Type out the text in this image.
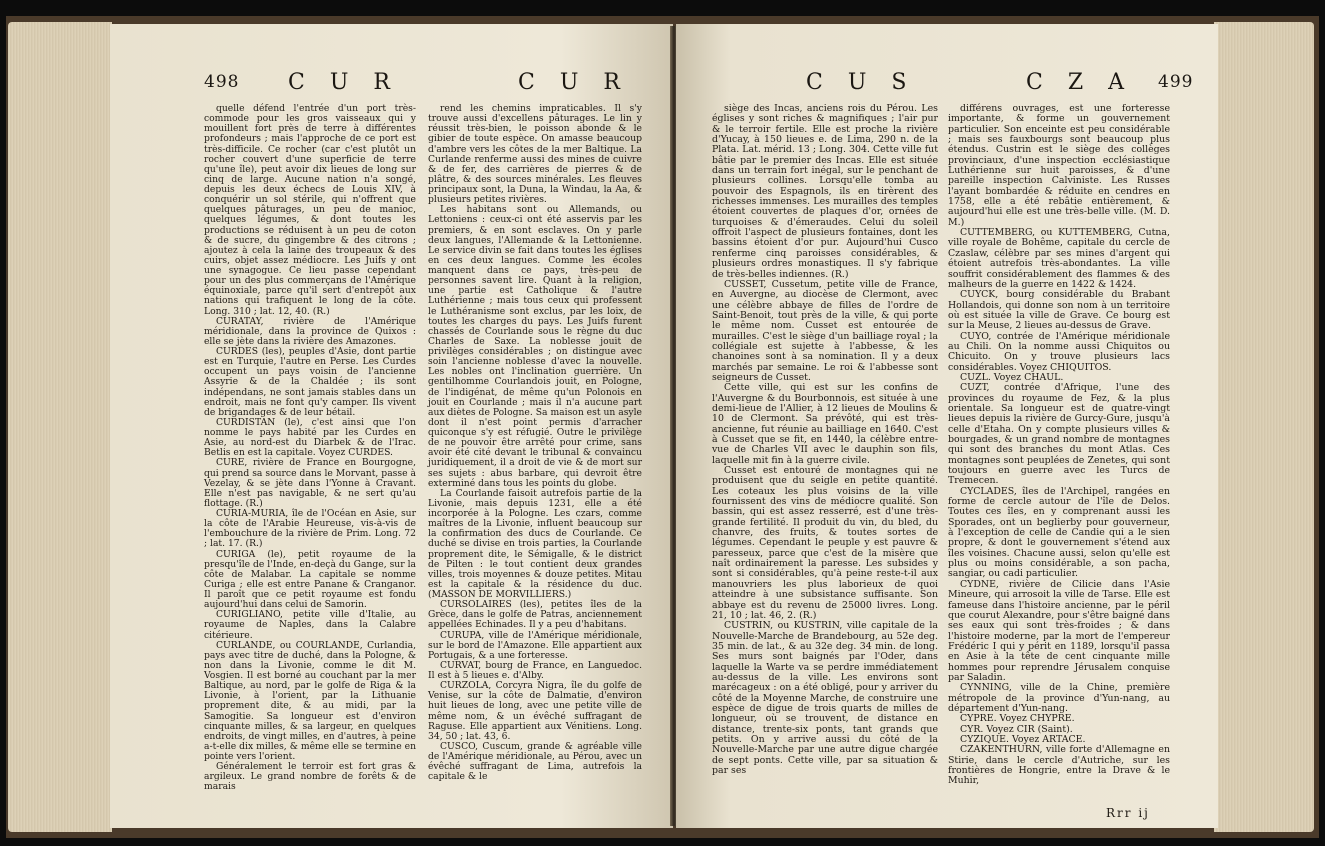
498 C U R	C U R

quelle défend l'entrée d'un port très-commode pour les gros vaisseaux qui y mouillent fort près de terre à différentes profondeurs ; mais l'approche de ce port est très-difficile. Ce rocher (car c'est plutôt un rocher couvert d'une superficie de terre qu'une île), peut avoir dix lieues de long sur cinq de large. Aucune nation n'a songé, depuis les deux échecs de Louis XIV, à conquérir un sol stérile, qui n'offrent que quelques pâturages, un peu de manioc, quelques légumes, & dont toutes les productions se réduisent à un peu de coton & de sucre, du gingembre & des citrons ; ajoutez à cela la laine des troupeaux & des cuirs, objet assez médiocre. Les Juifs y ont une synagogue. Ce lieu passe cependant pour un des plus commerçans de l'Amérique équinoxiale, parce qu'il sert d'entrepôt aux nations qui trafiquent le long de la côte. Long. 310 ; lat. 12, 40. (R.)

CURATAY, rivière de l'Amérique méridionale, dans la province de Quixos : elle se jète dans la rivière des Amazones.

CURDES (les), peuples d'Asie, dont partie est en Turquie, l'autre en Perse. Les Curdes occupent un pays voisin de l'ancienne Assyrie & de la Chaldée ; ils sont indépendans, ne sont jamais stables dans un endroit, mais ne font qu'y camper. Ils vivent de brigandages & de leur bétail.

CURDISTAN (le), c'est ainsi que l'on nomme le pays habité par les Curdes en Asie, au nord-est du Diarbek & de l'Irac. Betlis en est la capitale. Voyez CURDES.

CURE, rivière de France en Bourgogne, qui prend sa source dans le Morvant, passe à Vezelay, & se jète dans l'Yonne à Cravant. Elle n'est pas navigable, & ne sert qu'au flottage. (R.)

CURIA-MURIA, île de l'Océan en Asie, sur la côte de l'Arabie Heureuse, vis-à-vis de l'embouchure de la rivière de Prim. Long. 72 ; lat. 17. (R.)

CURIGA (le), petit royaume de la presqu'île de l'Inde, en-deçà du Gange, sur la côte de Malabar. La capitale se nomme Curiga ; elle est entre Panane & Cranganor. Il paroît que ce petit royaume est fondu aujourd'hui dans celui de Samorin.

CURIGLIANO, petite ville d'Italie, au royaume de Naples, dans la Calabre citérieure.

CURLANDE, ou COURLANDE, Curlandia, pays avec titre de duché, dans la Pologne, & non dans la Livonie, comme le dit M. Vosgien. Il est borné au couchant par la mer Baltique, au nord, par le golfe de Riga & la Livonie, à l'orient, par la Lithuanie proprement dite, & au midi, par la Samogitie. Sa longueur est d'environ cinquante milles, & sa largeur, en quelques endroits, de vingt milles, en d'autres, à peine a-t-elle dix milles, & même elle se termine en pointe vers l'orient.

Généralement le terroir est fort gras & argileux. Le grand nombre de forêts & de marais

rend les chemins impraticables. Il s'y trouve aussi d'excellens pâturages. Le lin y réussit très-bien, le poisson abonde & le gibier de toute espèce. On amasse beaucoup d'ambre vers les côtes de la mer Baltique. La Curlande renferme aussi des mines de cuivre & de fer, des carrières de pierres & de plâtre, & des sources minérales. Les fleuves principaux sont, la Duna, la Windau, la Aa, & plusieurs petites rivières.

Les habitans sont ou Allemands, ou Lettoniens : ceux-ci ont été asservis par les premiers, & en sont esclaves. On y parle deux langues, l'Allemande & la Lettonienne. Le service divin se fait dans toutes les églises en ces deux langues. Comme les écoles manquent dans ce pays, très-peu de personnes savent lire. Quant à la religion, une partie est Catholique & l'autre Luthérienne ; mais tous ceux qui professent le Luthéranisme sont exclus, par les loix, de toutes les charges du pays. Les Juifs furent chassés de Courlande sous le règne du duc Charles de Saxe. La noblesse jouit de privilèges considérables ; on distingue avec soin l'ancienne noblesse d'avec la nouvelle. Les nobles ont l'inclination guerrière. Un gentilhomme Courlandois jouit, en Pologne, de l'indigénat, de même qu'un Polonois en jouit en Courlande ; mais il n'a aucune part aux diètes de Pologne. Sa maison est un asyle dont il n'est point permis d'arracher quiconque s'y est réfugié. Outre le privilège de ne pouvoir être arrêté pour crime, sans avoir été cité devant le tribunal & convaincu juridiquement, il a droit de vie & de mort sur ses sujets : abus barbare, qui devroit être exterminé dans tous les points du globe.

La Courlande faisoit autrefois partie de la Livonie, mais depuis 1231, elle a été incorporée à la Pologne. Les czars, comme maîtres de la Livonie, influent beaucoup sur la confirmation des ducs de Courlande. Ce duché se divise en trois parties, la Courlande proprement dite, le Sémigalle, & le district de Pilten : le tout contient deux grandes villes, trois moyennes & douze petites. Mitau est la capitale & la résidence du duc. (MASSON DE MORVILLIERS.)

CURSOLAIRES (les), petites îles de la Grèce, dans le golfe de Patras, anciennement appellées Echinades. Il y a peu d'habitans.

CURUPA, ville de l'Amérique méridionale, sur le bord de l'Amazone. Elle appartient aux Portugais, & a une forteresse.

CURVAT, bourg de France, en Languedoc. Il est à 5 lieues e. d'Alby.

CURZOLA, Corcyra Nigra, île du golfe de Venise, sur la côte de Dalmatie, d'environ huit lieues de long, avec une petite ville de même nom, & un évêché suffragant de Raguse. Elle appartient aux Vénitiens. Long. 34, 50 ; lat. 43, 6.

CUSCO, Cuscum, grande & agréable ville de l'Amérique méridionale, au Pérou, avec un évêché suffragant de Lima, autrefois la capitale & le

C U S	C Z A 499

siège des Incas, anciens rois du Pérou. Les églises y sont riches & magnifiques ; l'air pur & le terroir fertile. Elle est proche la rivière d'Yucay, à 150 lieues e. de Lima, 290 n. de la Plata. Lat. mérid. 13 ; Long. 304. Cette ville fut bâtie par le premier des Incas. Elle est située dans un terrain fort inégal, sur le penchant de plusieurs collines. Lorsqu'elle tomba au pouvoir des Espagnols, ils en tirèrent des richesses immenses. Les murailles des temples étoient couvertes de plaques d'or, ornées de turquoises & d'émeraudes. Celui du soleil offroit l'aspect de plusieurs fontaines, dont les bassins étoient d'or pur. Aujourd'hui Cusco renferme cinq paroisses considérables, & plusieurs ordres monastiques. Il s'y fabrique de très-belles indiennes. (R.)

CUSSET, Cussetum, petite ville de France, en Auvergne, au diocèse de Clermont, avec une célèbre abbaye de filles de l'ordre de Saint-Benoit, tout près de la ville, & qui porte le même nom. Cusset est entourée de murailles. C'est le siège d'un bailliage royal ; la collégiale est sujette à l'abbesse, & les chanoines sont à sa nomination. Il y a deux marchés par semaine. Le roi & l'abbesse sont seigneurs de Cusset.

Cette ville, qui est sur les confins de l'Auvergne & du Bourbonnois, est située à une demi-lieue de l'Allier, à 12 lieues de Moulins & 10 de Clermont. Sa prévôté, qui est très-ancienne, fut réunie au bailliage en 1640. C'est à Cusset que se fit, en 1440, la célèbre entre-vue de Charles VII avec le dauphin son fils, laquelle mit fin à la guerre civile.

Cusset est entouré de montagnes qui ne produisent que du seigle en petite quantité. Les coteaux les plus voisins de la ville fournissent des vins de médiocre qualité. Son bassin, qui est assez resserré, est d'une très-grande fertilité. Il produit du vin, du bled, du chanvre, des fruits, & toutes sortes de légumes. Cependant le peuple y est pauvre & paresseux, parce que c'est de la misère que naît ordinairement la paresse. Les subsides y sont si considérables, qu'à peine reste-t-il aux manouvriers les plus laborieux de quoi atteindre à une subsistance suffisante. Son abbaye est du revenu de 25000 livres. Long. 21, 10 ; lat. 46, 2. (R.)

CUSTRIN, ou KUSTRIN, ville capitale de la Nouvelle-Marche de Brandebourg, au 52e deg. 35 min. de lat., & au 32e deg. 34 min. de long. Ses murs sont baignés par l'Oder, dans laquelle la Warte va se perdre immédiatement au-dessus de la ville. Les environs sont marécageux : on a été obligé, pour y arriver du côté de la Moyenne Marche, de construire une espèce de digue de trois quarts de milles de longueur, où se trouvent, de distance en distance, trente-six ponts, tant grands que petits. On y arrive aussi du côté de la Nouvelle-Marche par une autre digue chargée de sept ponts. Cette ville, par sa situation & par ses

différens ouvrages, est une forteresse importante, & forme un gouvernement particulier. Son enceinte est peu considérable ; mais ses fauxbourgs sont beaucoup plus étendus. Custrin est le siège des collèges provinciaux, d'une inspection ecclésiastique Luthérienne sur huit paroisses, & d'une pareille inspection Calviniste. Les Russes l'ayant bombardée & réduite en cendres en 1758, elle a été rebâtie entièrement, & aujourd'hui elle est une très-belle ville. (M. D. M.)

CUTTEMBERG, ou KUTTEMBERG, Cutna, ville royale de Bohême, capitale du cercle de Czaslaw, célèbre par ses mines d'argent qui étoient autrefois très-abondantes. La ville souffrit considérablement des flammes & des malheurs de la guerre en 1422 & 1424.

CUYCK, bourg considérable du Brabant Hollandois, qui donne son nom à un territoire où est située la ville de Grave. Ce bourg est sur la Meuse, 2 lieues au-dessus de Grave.

CUYO, contrée de l'Amérique méridionale au Chili. On la nomme aussi Chiquitos ou Chicuito. On y trouve plusieurs lacs considérables. Voyez CHIQUITOS.

CUZL. Voyez CHAUL.

CUZT, contrée d'Afrique, l'une des provinces du royaume de Fez, & la plus orientale. Sa longueur est de quatre-vingt lieues depuis la rivière de Gurcy-Gure, jusqu'à celle d'Etaha. On y compte plusieurs villes & bourgades, & un grand nombre de montagnes qui sont des branches du mont Atlas. Ces montagnes sont peuplées de Zenetes, qui sont toujours en guerre avec les Turcs de Tremecen.

CYCLADES, îles de l'Archipel, rangées en forme de cercle autour de l'île de Delos. Toutes ces îles, en y comprenant aussi les Sporades, ont un beglierby pour gouverneur, à l'exception de celle de Candie qui a le sien propre, & dont le gouvernement s'étend aux îles voisines. Chacune aussi, selon qu'elle est plus ou moins considérable, a son pacha, sangiar, ou cadi particulier.

CYDNE, rivière de Cilicie dans l'Asie Mineure, qui arrosoit la ville de Tarse. Elle est fameuse dans l'histoire ancienne, par le péril que courut Alexandre, pour s'être baigné dans ses eaux qui sont très-froides ; & dans l'histoire moderne, par la mort de l'empereur Frédéric I qui y périt en 1189, lorsqu'il passa en Asie à la tête de cent cinquante mille hommes pour reprendre Jérusalem conquise par Saladin.

CYNNING, ville de la Chine, première métropole de la province d'Yun-nang, au département d'Yun-nang.

CYPRE. Voyez CHYPRE.

CYR. Voyez CIR (Saint).

CYZIQUE. Voyez ARTACE.

CZAKENTHURN, ville forte d'Allemagne en Stirie, dans le cercle d'Autriche, sur les frontières de Hongrie, entre la Drave & le Muhir,

Rrr ij
